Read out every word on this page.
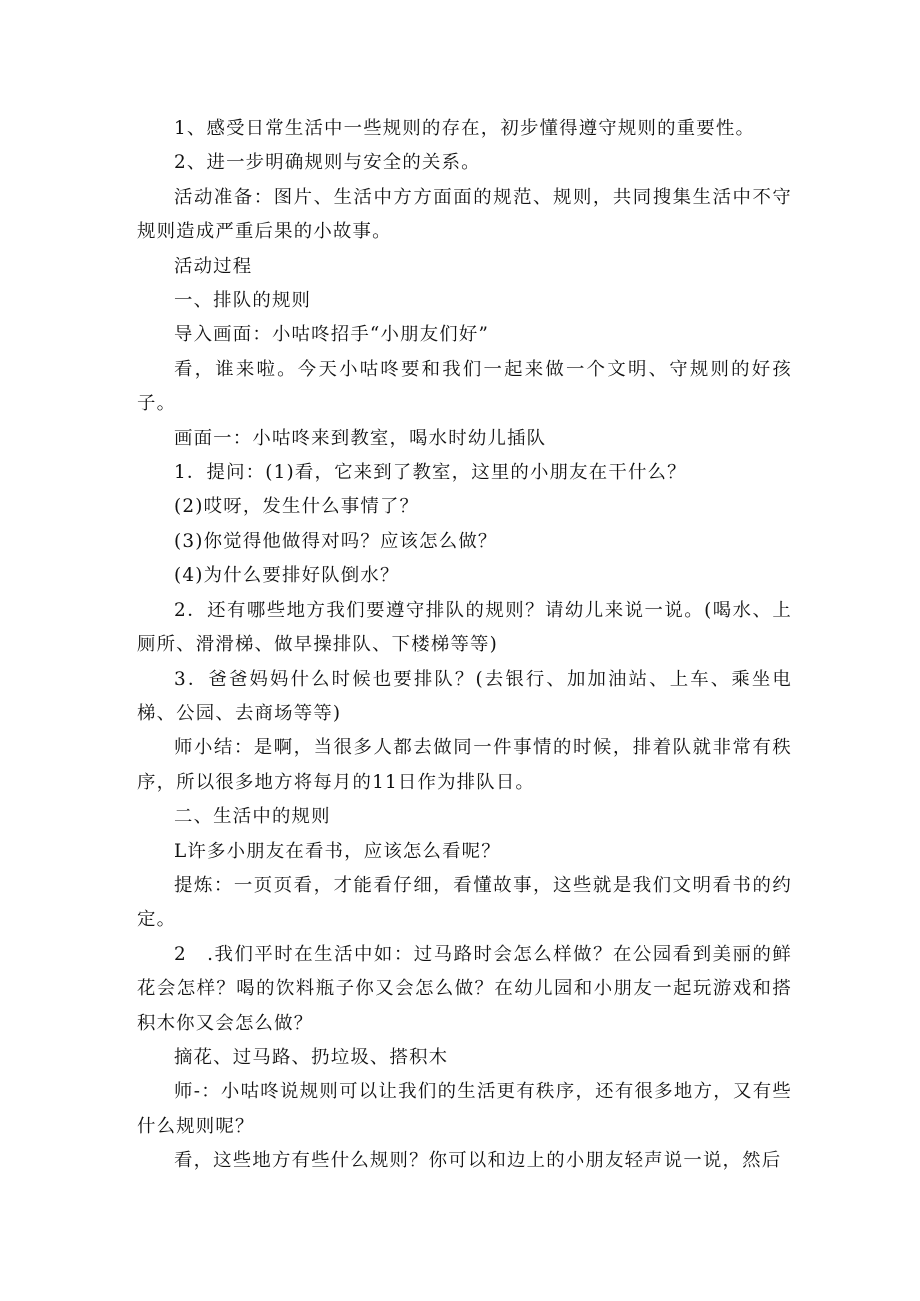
1、感受日常生活中一些规则的存在，初步懂得遵守规则的重要性。

2、进一步明确规则与安全的关系。

活动准备：图片、生活中方方面面的规范、规则，共同搜集生活中不守规则造成严重后果的小故事。

活动过程

一、排队的规则

导入画面：小咕咚招手“小朋友们好”

看，谁来啦。今天小咕咚要和我们一起来做一个文明、守规则的好孩子。

画面一：小咕咚来到教室，喝水时幼儿插队

1．提问：(1)看，它来到了教室，这里的小朋友在干什么？

(2)哎呀，发生什么事情了？

(3)你觉得他做得对吗？应该怎么做？

(4)为什么要排好队倒水？

2．还有哪些地方我们要遵守排队的规则？请幼儿来说一说。(喝水、上厕所、滑滑梯、做早操排队、下楼梯等等)

3．爸爸妈妈什么时候也要排队？(去银行、加加油站、上车、乘坐电梯、公园、去商场等等)

师小结：是啊，当很多人都去做同一件事情的时候，排着队就非常有秩序，所以很多地方将每月的11日作为排队日。

二、生活中的规则

L许多小朋友在看书，应该怎么看呢？

提炼：一页页看，才能看仔细，看懂故事，这些就是我们文明看书的约定。

2　.我们平时在生活中如：过马路时会怎么样做？在公园看到美丽的鲜花会怎样？喝的饮料瓶子你又会怎么做？在幼儿园和小朋友一起玩游戏和搭积木你又会怎么做？

摘花、过马路、扔垃圾、搭积木

师-：小咕咚说规则可以让我们的生活更有秩序，还有很多地方，又有些什么规则呢？

看，这些地方有些什么规则？你可以和边上的小朋友轻声说一说，然后
